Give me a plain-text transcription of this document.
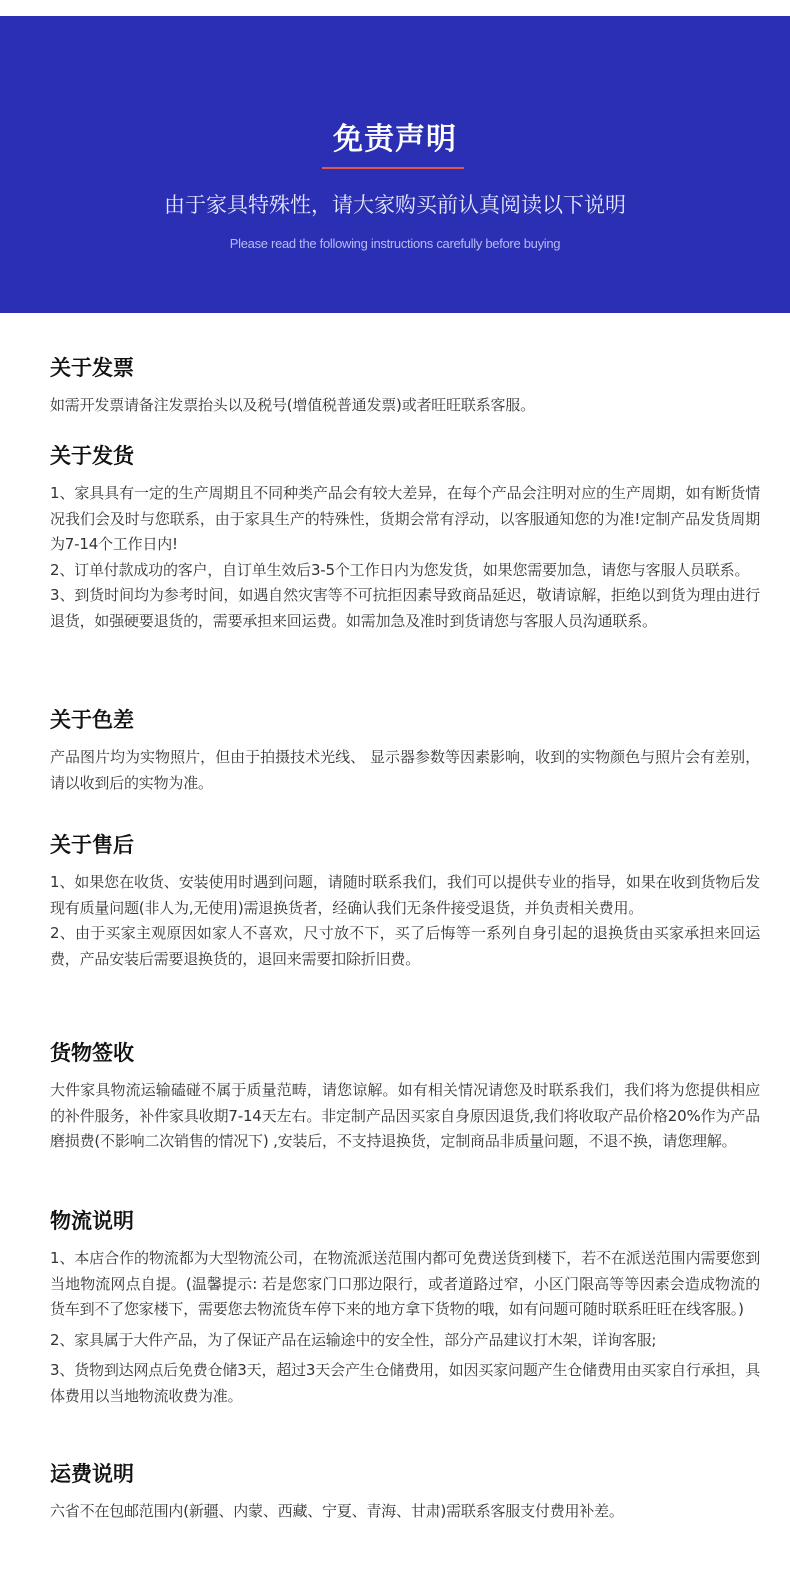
免责声明
由于家具特殊性，请大家购买前认真阅读以下说明
Please read the following instructions carefully before buying
关于发票

如需开发票请备注发票抬头以及税号(增值税普通发票)或者旺旺联系客服。

关于发货

1、家具具有一定的生产周期且不同种类产品会有较大差异，在每个产品会注明对应的生产周期，如有断货情况我们会及时与您联系，由于家具生产的特殊性，货期会常有浮动，以客服通知您的为准!定制产品发货周期为7-14个工作日内!

2、订单付款成功的客户，自订单生效后3-5个工作日内为您发货，如果您需要加急，请您与客服人员联系。

3、到货时间均为参考时间，如遇自然灾害等不可抗拒因素导致商品延迟，敬请谅解，拒绝以到货为理由进行退货，如强硬要退货的，需要承担来回运费。如需加急及准时到货请您与客服人员沟通联系。

关于色差

产品图片均为实物照片，但由于拍摄技术光线、 显示器参数等因素影响，收到的实物颜色与照片会有差别，请以收到后的实物为准。

关于售后

1、如果您在收货、安装使用时遇到问题，请随时联系我们，我们可以提供专业的指导，如果在收到货物后发现有质量问题(非人为,无使用)需退换货者，经确认我们无条件接受退货，并负责相关费用。

2、由于买家主观原因如家人不喜欢，尺寸放不下，买了后悔等一系列自身引起的退换货由买家承担来回运费，产品安装后需要退换货的，退回来需要扣除折旧费。

货物签收

大件家具物流运输磕碰不属于质量范畴，请您谅解。如有相关情况请您及时联系我们，我们将为您提供相应的补件服务，补件家具收期7-14天左右。非定制产品因买家自身原因退货,我们将收取产品价格20%作为产品磨损费(不影响二次销售的情况下) ,安装后，不支持退换货，定制商品非质量问题，不退不换，请您理解。

物流说明

1、本店合作的物流都为大型物流公司，在物流派送范围内都可免费送货到楼下，若不在派送范围内需要您到当地物流网点自提。(温馨提示: 若是您家门口那边限行，或者道路过窄，小区门限高等等因素会造成物流的货车到不了您家楼下，需要您去物流货车停下来的地方拿下货物的哦，如有问题可随时联系旺旺在线客服。)

2、家具属于大件产品，为了保证产品在运输途中的安全性，部分产品建议打木架，详询客服;

3、货物到达网点后免费仓储3天，超过3天会产生仓储费用，如因买家问题产生仓储费用由买家自行承担，具体费用以当地物流收费为准。

运费说明

六省不在包邮范围内(新疆、内蒙、西藏、宁夏、青海、甘肃)需联系客服支付费用补差。
